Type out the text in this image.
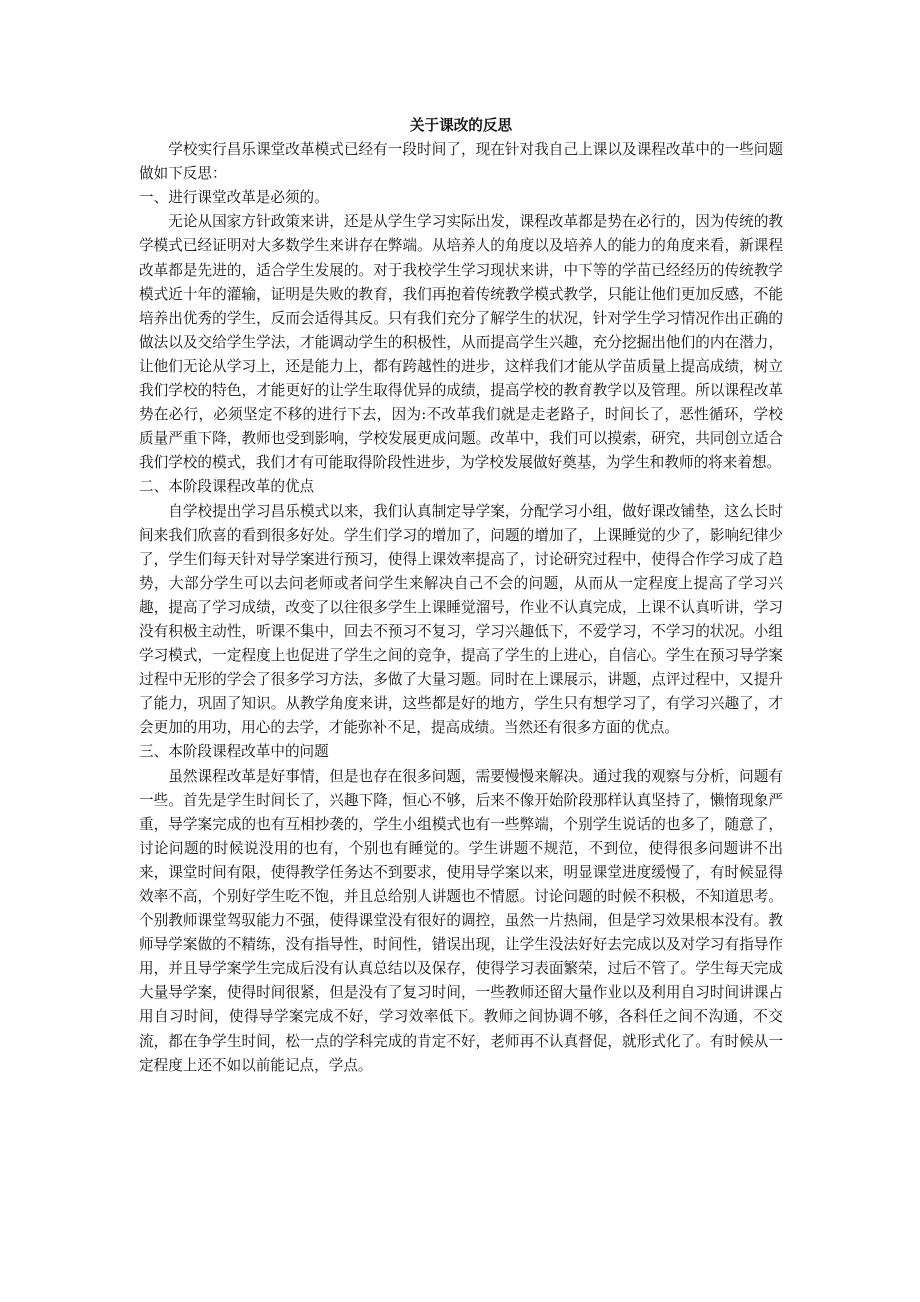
关于课改的反思

学校实行昌乐课堂改革模式已经有一段时间了，现在针对我自己上课以及课程改革中的一些问题做如下反思：

一、进行课堂改革是必须的。

无论从国家方针政策来讲，还是从学生学习实际出发，课程改革都是势在必行的，因为传统的教学模式已经证明对大多数学生来讲存在弊端。从培养人的角度以及培养人的能力的角度来看，新课程改革都是先进的，适合学生发展的。对于我校学生学习现状来讲，中下等的学苗已经经历的传统教学模式近十年的灌输，证明是失败的教育，我们再抱着传统教学模式教学，只能让他们更加反感，不能培养出优秀的学生，反而会适得其反。只有我们充分了解学生的状况，针对学生学习情况作出正确的做法以及交给学生学法，才能调动学生的积极性，从而提高学生兴趣，充分挖掘出他们的内在潜力，让他们无论从学习上，还是能力上，都有跨越性的进步，这样我们才能从学苗质量上提高成绩，树立我们学校的特色，才能更好的让学生取得优异的成绩，提高学校的教育教学以及管理。所以课程改革势在必行，必须坚定不移的进行下去，因为:不改革我们就是走老路子，时间长了，恶性循环，学校质量严重下降，教师也受到影响，学校发展更成问题。改革中，我们可以摸索，研究，共同创立适合我们学校的模式，我们才有可能取得阶段性进步，为学校发展做好奠基，为学生和教师的将来着想。

二、本阶段课程改革的优点

自学校提出学习昌乐模式以来，我们认真制定导学案，分配学习小组，做好课改铺垫，这么长时间来我们欣喜的看到很多好处。学生们学习的增加了，问题的增加了，上课睡觉的少了，影响纪律少了，学生们每天针对导学案进行预习，使得上课效率提高了，讨论研究过程中，使得合作学习成了趋势，大部分学生可以去问老师或者问学生来解决自己不会的问题，从而从一定程度上提高了学习兴趣，提高了学习成绩，改变了以往很多学生上课睡觉溜号，作业不认真完成，上课不认真听讲，学习没有积极主动性，听课不集中，回去不预习不复习，学习兴趣低下，不爱学习，不学习的状况。小组学习模式，一定程度上也促进了学生之间的竞争，提高了学生的上进心，自信心。学生在预习导学案过程中无形的学会了很多学习方法，多做了大量习题。同时在上课展示，讲题，点评过程中，又提升了能力，巩固了知识。从教学角度来讲，这些都是好的地方，学生只有想学习了，有学习兴趣了，才会更加的用功，用心的去学，才能弥补不足，提高成绩。当然还有很多方面的优点。

三、本阶段课程改革中的问题

虽然课程改革是好事情，但是也存在很多问题，需要慢慢来解决。通过我的观察与分析，问题有一些。首先是学生时间长了，兴趣下降，恒心不够，后来不像开始阶段那样认真坚持了，懒惰现象严重，导学案完成的也有互相抄袭的，学生小组模式也有一些弊端，个别学生说话的也多了，随意了，讨论问题的时候说没用的也有，个别也有睡觉的。学生讲题不规范，不到位，使得很多问题讲不出来，课堂时间有限，使得教学任务达不到要求，使用导学案以来，明显课堂进度缓慢了，有时候显得效率不高，个别好学生吃不饱，并且总给别人讲题也不情愿。讨论问题的时候不积极，不知道思考。个别教师课堂驾驭能力不强，使得课堂没有很好的调控，虽然一片热闹，但是学习效果根本没有。教师导学案做的不精练，没有指导性，时间性，错误出现，让学生没法好好去完成以及对学习有指导作用，并且导学案学生完成后没有认真总结以及保存，使得学习表面繁荣，过后不管了。学生每天完成大量导学案，使得时间很紧，但是没有了复习时间，一些教师还留大量作业以及利用自习时间讲课占用自习时间，使得导学案完成不好，学习效率低下。教师之间协调不够，各科任之间不沟通，不交流，都在争学生时间，松一点的学科完成的肯定不好，老师再不认真督促，就形式化了。有时候从一定程度上还不如以前能记点，学点。
